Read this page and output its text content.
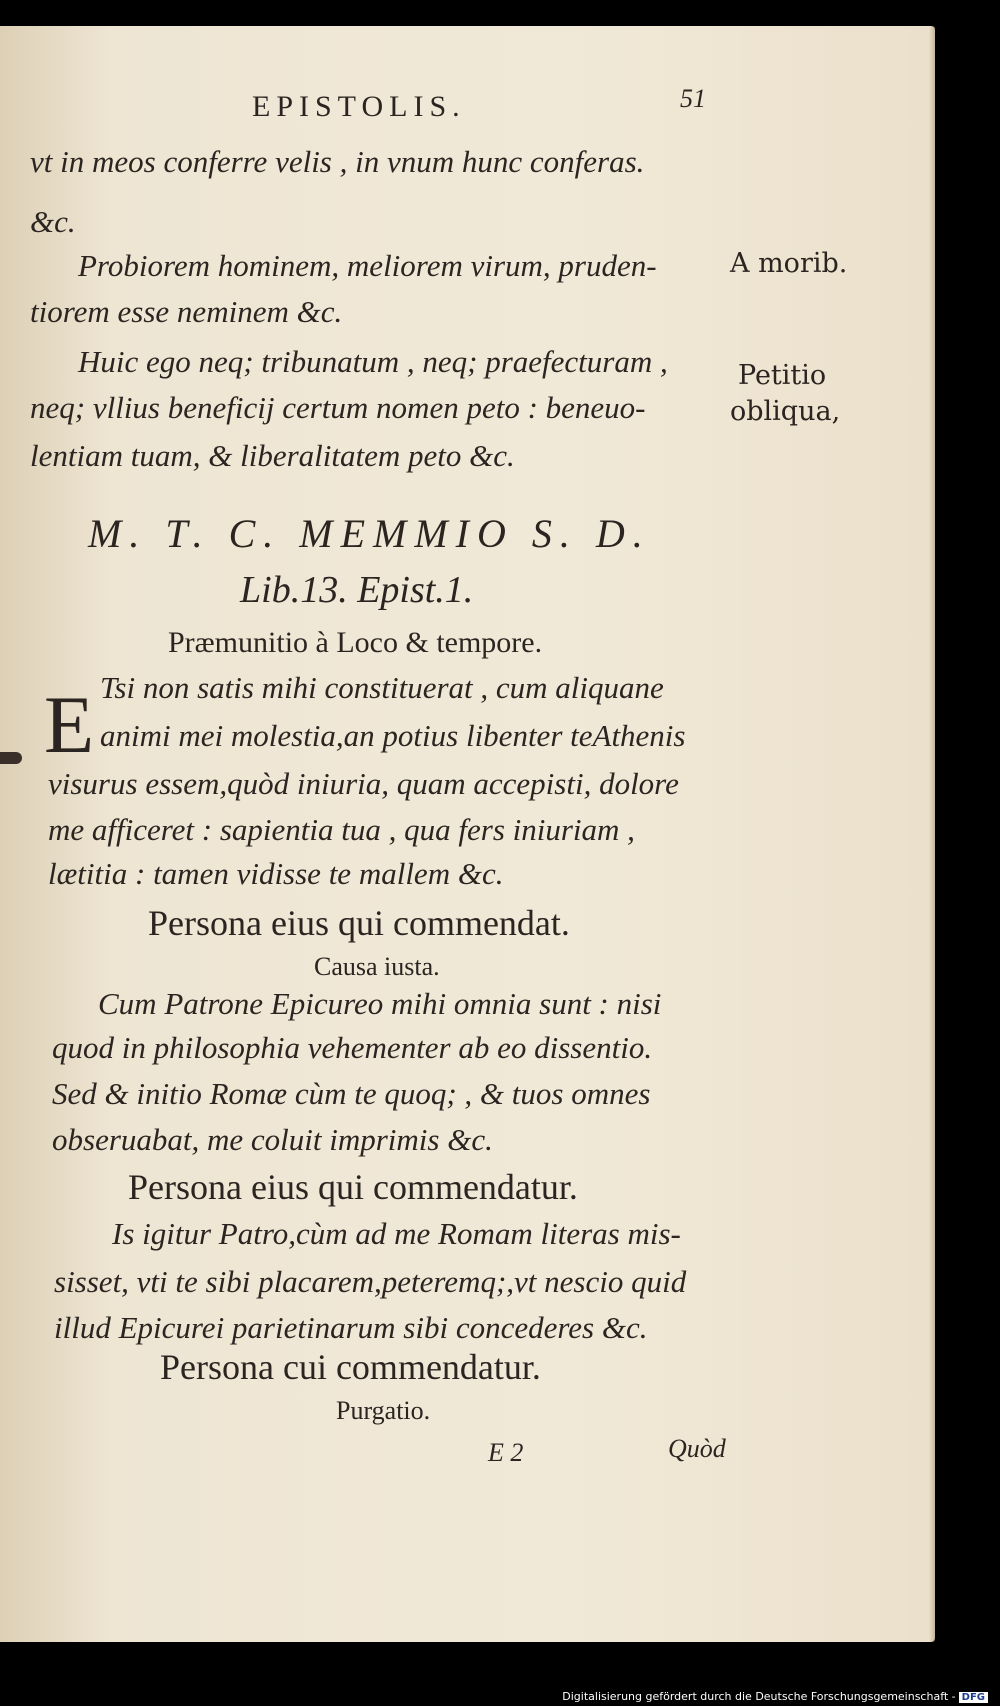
EPISTOLIS.	51
vt in meos conferre velis , in vnum hunc conferas.
&c.
Probiorem hominem, meliorem virum, pruden-
tiorem esse neminem &c.
Huic ego neq; tribunatum , neq; praefecturam ,
neq; vllius beneficij certum nomen peto : beneuo-
lentiam tuam, & liberalitatem peto &c.
A morib.
Petitio
obliqua,
M. T. C. MEMMIO S. D.
Lib.13. Epist.1.
Præmunitio à Loco & tempore.
E Tsi non satis mihi constituerat , cum aliquane
animi mei molestia,an potius libenter teAthenis
visurus essem,quòd iniuria, quam accepisti, dolore
me afficeret : sapientia tua , qua fers iniuriam ,
lætitia : tamen vidisse te mallem &c.
Persona eius qui commendat.
Causa iusta.
Cum Patrone Epicureo mihi omnia sunt : nisi
quod in philosophia vehementer ab eo dissentio.
Sed & initio Romæ cùm te quoq; , & tuos omnes
obseruabat, me coluit imprimis &c.
Persona eius qui commendatur.
Is igitur Patro,cùm ad me Romam literas mis-
sisset, vti te sibi placarem,peteremq;,vt nescio quid
illud Epicurei parietinarum sibi concederes &c.
Persona cui commendatur.
Purgatio.
E 2	Quòd
Digitalisierung gefördert durch die Deutsche Forschungsgemeinschaft - DFG
